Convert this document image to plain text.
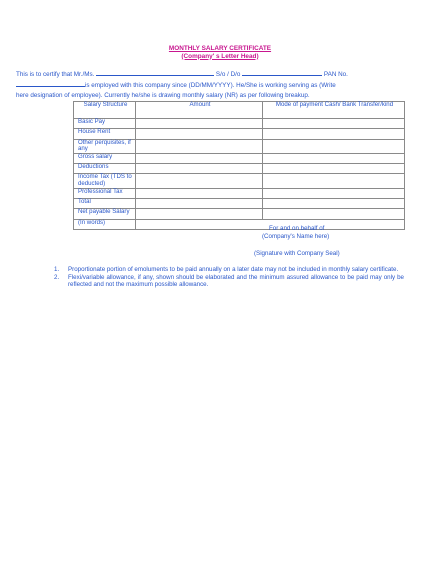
MONTHLY SALARY CERTIFICATE
(Company' s Letter Head)
This is to certify that Mr./Ms.	S/o / D/o	PAN No.
is employed with this company since (DD/MM/YYYY). He/She is working serving as (Write
here designation of employee). Currently he/she is drawing monthly salary (NR) as per following breakup.
Salary Structure	Amount	Mode of payment Cash/ Bank Transfer/kind
Basic Pay		
House Rent		
Other perquisites, if any		
Gross salary		
Deductions		
Income Tax (TDS to deducted)		
Professional Tax		
Total		
Net payable Salary		
(In words)		
For and on behalf of
(Company's Name here)
(Signature with Company Seal)
1.	Proportionate portion of emoluments to be paid annually on a later date may not be included in monthly salary certificate.
2.	Flexi/variable allowance, if any, shown should be elaborated and the minimum assured allowance to be paid may only be reflected and not the maximum possible allowance.
